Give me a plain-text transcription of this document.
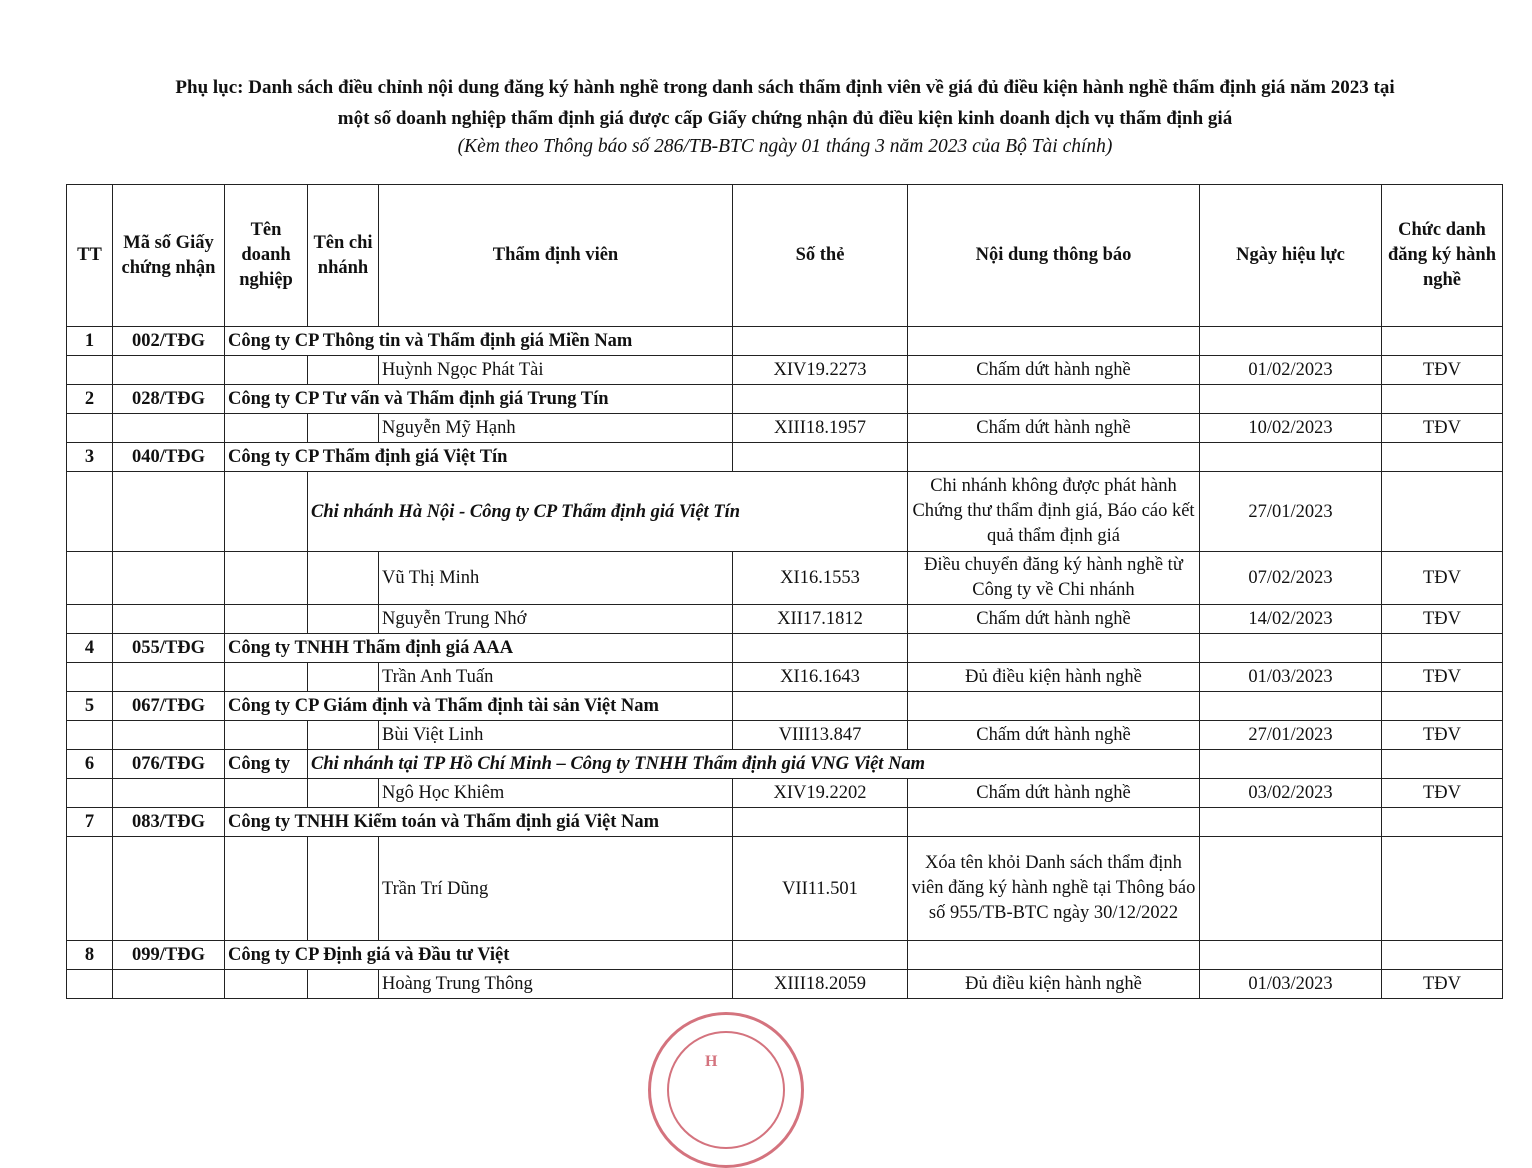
Phụ lục: Danh sách điều chỉnh nội dung đăng ký hành nghề trong danh sách thẩm định viên về giá đủ điều kiện hành nghề thẩm định giá năm 2023 tại
một số doanh nghiệp thẩm định giá được cấp Giấy chứng nhận đủ điều kiện kinh doanh dịch vụ thẩm định giá
(Kèm theo Thông báo số 286/TB-BTC ngày 01 tháng 3 năm 2023 của Bộ Tài chính)
TT	Mã số Giấy chứng nhận	Tên doanh nghiệp	Tên chi nhánh	Thẩm định viên	Số thẻ	Nội dung thông báo	Ngày hiệu lực	Chức danh đăng ký hành nghề
1	002/TĐG	Công ty CP Thông tin và Thẩm định giá Miền Nam						
				Huỳnh Ngọc Phát Tài	XIV19.2273	Chấm dứt hành nghề	01/02/2023	TĐV
2	028/TĐG	Công ty CP Tư vấn và Thẩm định giá Trung Tín						
				Nguyễn Mỹ Hạnh	XIII18.1957	Chấm dứt hành nghề	10/02/2023	TĐV
3	040/TĐG	Công ty CP Thẩm định giá Việt Tín						
			Chi nhánh Hà Nội - Công ty CP Thẩm định giá Việt Tín			Chi nhánh không được phát hành Chứng thư thẩm định giá, Báo cáo kết quả thẩm định giá	27/01/2023	
				Vũ Thị Minh	XI16.1553	Điều chuyển đăng ký hành nghề từ Công ty về Chi nhánh	07/02/2023	TĐV
				Nguyễn Trung Nhớ	XII17.1812	Chấm dứt hành nghề	14/02/2023	TĐV
4	055/TĐG	Công ty TNHH Thẩm định giá AAA						
				Trần Anh Tuấn	XI16.1643	Đủ điều kiện hành nghề	01/03/2023	TĐV
5	067/TĐG	Công ty CP Giám định và Thẩm định tài sản Việt Nam						
				Bùi Việt Linh	VIII13.847	Chấm dứt hành nghề	27/01/2023	TĐV
6	076/TĐG	Công ty	Chi nhánh tại TP Hồ Chí Minh – Công ty TNHH Thẩm định giá VNG Việt Nam					
				Ngô Học Khiêm	XIV19.2202	Chấm dứt hành nghề	03/02/2023	TĐV
7	083/TĐG	Công ty TNHH Kiểm toán và Thẩm định giá Việt Nam						
				Trần Trí Dũng	VII11.501	Xóa tên khỏi Danh sách thẩm định viên đăng ký hành nghề tại Thông báo số 955/TB-BTC ngày 30/12/2022		
8	099/TĐG	Công ty CP Định giá và Đầu tư Việt						
				Hoàng Trung Thông	XIII18.2059	Đủ điều kiện hành nghề	01/03/2023	TĐV
H
